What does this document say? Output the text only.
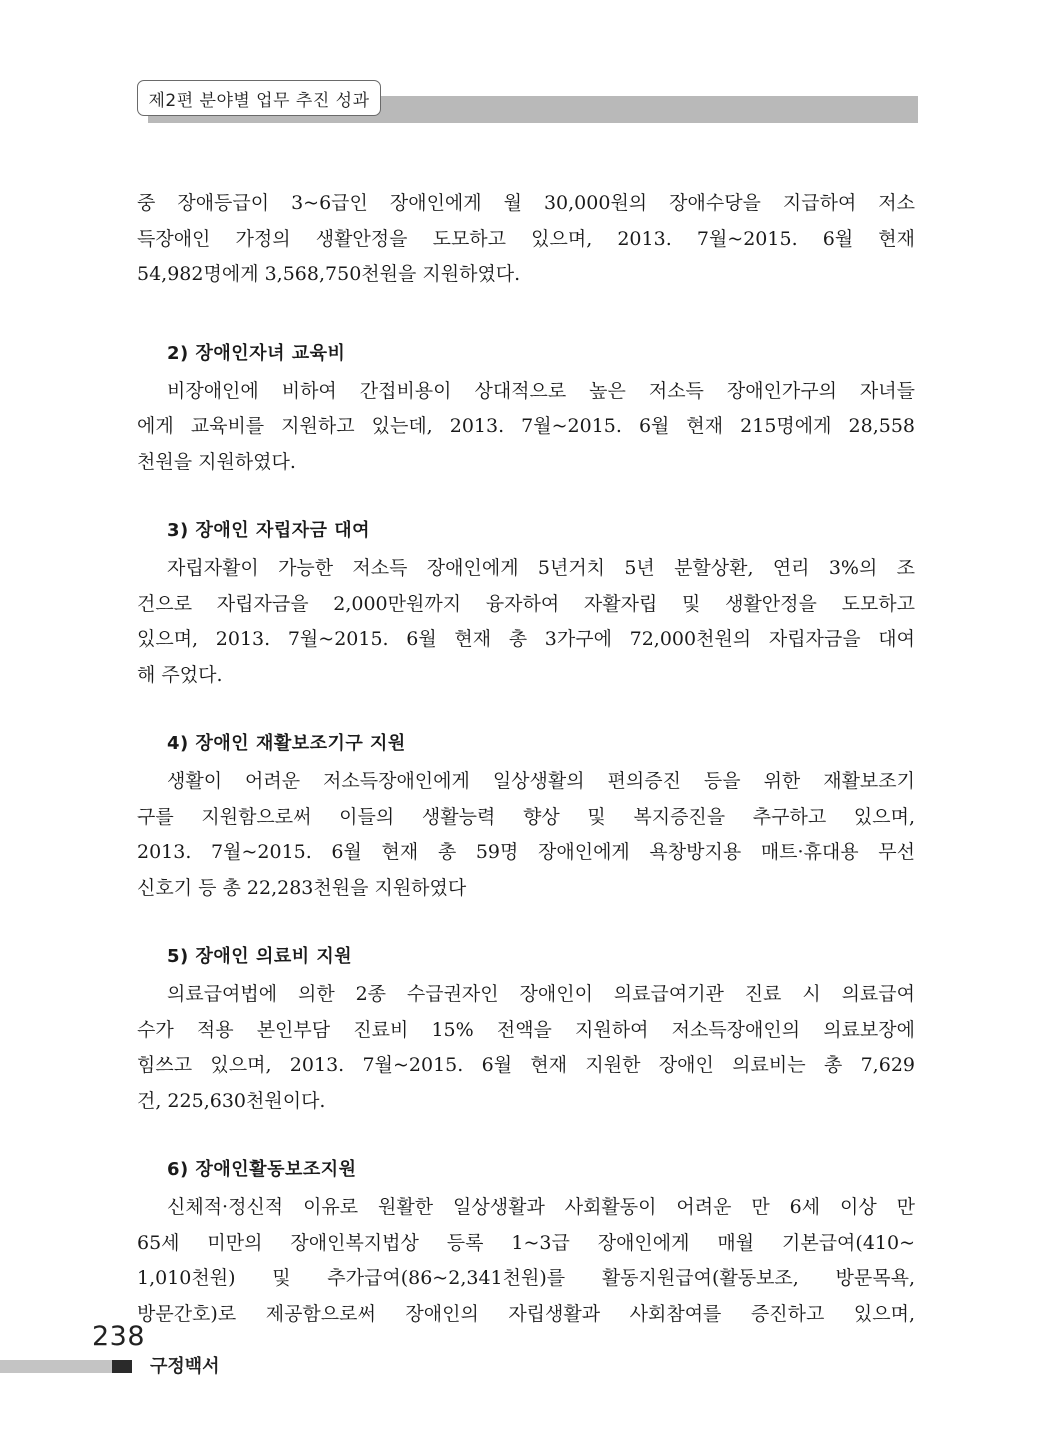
제2편 분야별 업무 추진 성과

중 장애등급이 3~6급인 장애인에게 월 30,000원의 장애수당을 지급하여 저소
득장애인 가정의 생활안정을 도모하고 있으며, 2013. 7월~2015. 6월 현재
54,982명에게 3,568,750천원을 지원하였다.

2) 장애인자녀 교육비

비장애인에 비하여 간접비용이 상대적으로 높은 저소득 장애인가구의 자녀들
에게 교육비를 지원하고 있는데, 2013. 7월~2015. 6월 현재 215명에게 28,558
천원을 지원하였다.

3) 장애인 자립자금 대여

자립자활이 가능한 저소득 장애인에게 5년거치 5년 분할상환, 연리 3%의 조
건으로 자립자금을 2,000만원까지 융자하여 자활자립 및 생활안정을 도모하고
있으며, 2013. 7월~2015. 6월 현재 총 3가구에 72,000천원의 자립자금을 대여
해 주었다.

4) 장애인 재활보조기구 지원

생활이 어려운 저소득장애인에게 일상생활의 편의증진 등을 위한 재활보조기
구를 지원함으로써 이들의 생활능력 향상 및 복지증진을 추구하고 있으며,
2013. 7월~2015. 6월 현재 총 59명 장애인에게 욕창방지용 매트·휴대용 무선
신호기 등 총 22,283천원을 지원하였다

5) 장애인 의료비 지원

의료급여법에 의한 2종 수급권자인 장애인이 의료급여기관 진료 시 의료급여
수가 적용 본인부담 진료비 15% 전액을 지원하여 저소득장애인의 의료보장에
힘쓰고 있으며, 2013. 7월~2015. 6월 현재 지원한 장애인 의료비는 총 7,629
건, 225,630천원이다.

6) 장애인활동보조지원

신체적·정신적 이유로 원활한 일상생활과 사회활동이 어려운 만 6세 이상 만
65세 미만의 장애인복지법상 등록 1~3급 장애인에게 매월 기본급여(410~
1,010천원) 및 추가급여(86~2,341천원)를 활동지원급여(활동보조, 방문목욕,
방문간호)로 제공함으로써 장애인의 자립생활과 사회참여를 증진하고 있으며,

238
구정백서
